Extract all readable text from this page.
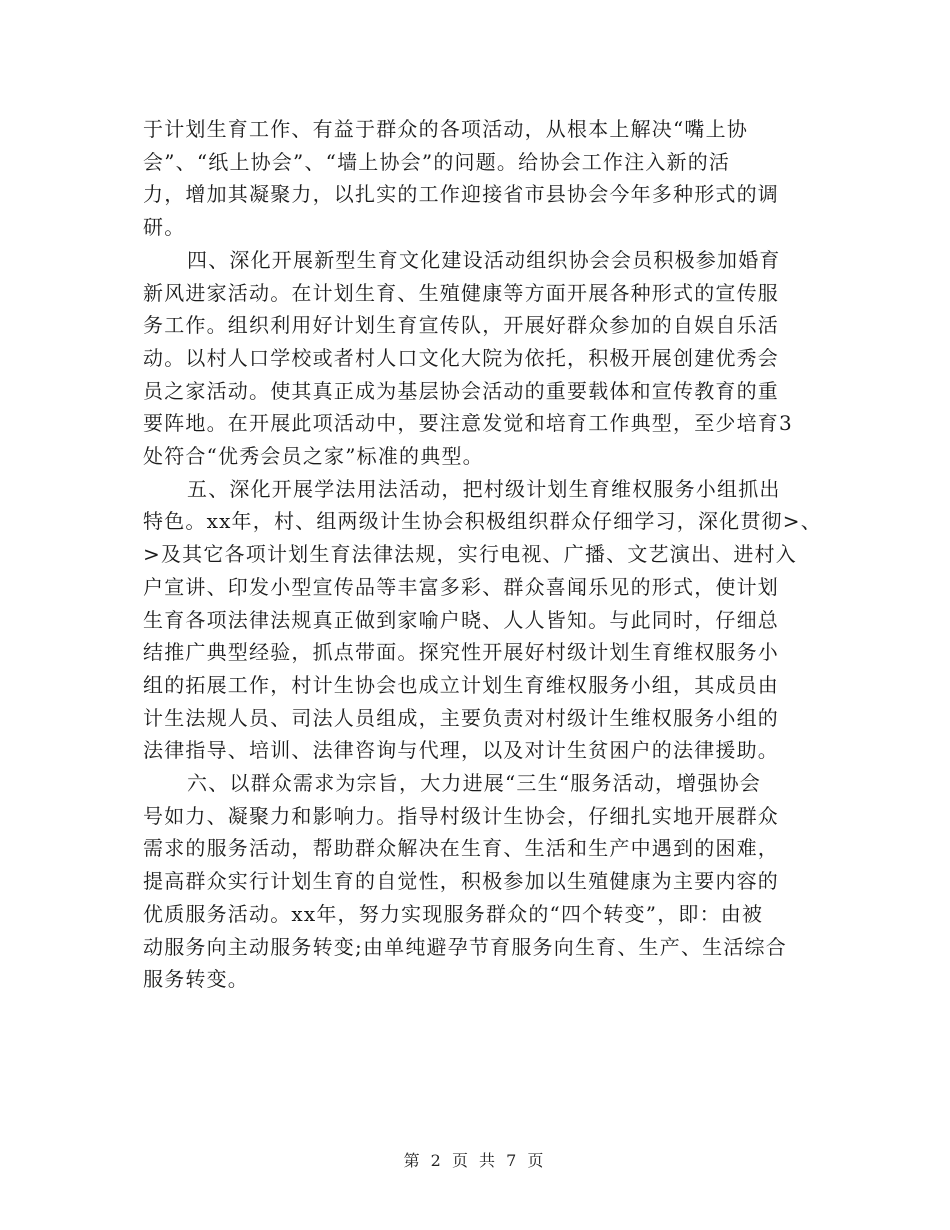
于计划生育工作、有益于群众的各项活动，从根本上解决“嘴上协
会”、“纸上协会”、“墙上协会”的问题。给协会工作注入新的活
力，增加其凝聚力，以扎实的工作迎接省市县协会今年多种形式的调
研。
四、深化开展新型生育文化建设活动组织协会会员积极参加婚育
新风进家活动。在计划生育、生殖健康等方面开展各种形式的宣传服
务工作。组织利用好计划生育宣传队，开展好群众参加的自娱自乐活
动。以村人口学校或者村人口文化大院为依托，积极开展创建优秀会
员之家活动。使其真正成为基层协会活动的重要载体和宣传教育的重
要阵地。在开展此项活动中，要注意发觉和培育工作典型，至少培育3
处符合“优秀会员之家”标准的典型。
五、深化开展学法用法活动，把村级计划生育维权服务小组抓出
特色。xx年，村、组两级计生协会积极组织群众仔细学习，深化贯彻>、
>及其它各项计划生育法律法规，实行电视、广播、文艺演出、进村入
户宣讲、印发小型宣传品等丰富多彩、群众喜闻乐见的形式，使计划
生育各项法律法规真正做到家喻户晓、人人皆知。与此同时，仔细总
结推广典型经验，抓点带面。探究性开展好村级计划生育维权服务小
组的拓展工作，村计生协会也成立计划生育维权服务小组，其成员由
计生法规人员、司法人员组成，主要负责对村级计生维权服务小组的
法律指导、培训、法律咨询与代理，以及对计生贫困户的法律援助。
六、以群众需求为宗旨，大力进展“三生“服务活动，增强协会
号如力、凝聚力和影响力。指导村级计生协会，仔细扎实地开展群众
需求的服务活动，帮助群众解决在生育、生活和生产中遇到的困难，
提高群众实行计划生育的自觉性，积极参加以生殖健康为主要内容的
优质服务活动。xx年，努力实现服务群众的“四个转变”，即：由被
动服务向主动服务转变;由单纯避孕节育服务向生育、生产、生活综合
服务转变。
第 2 页 共 7 页
